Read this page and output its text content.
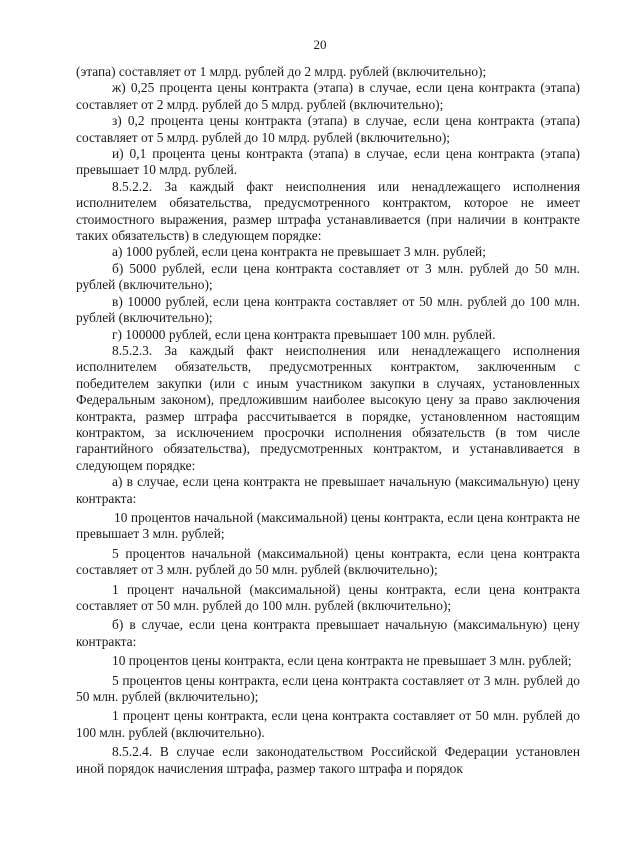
20

(этапа) составляет от 1 млрд. рублей до 2 млрд. рублей (включительно);

ж) 0,25 процента цены контракта (этапа) в случае, если цена контракта (этапа) составляет от 2 млрд. рублей до 5 млрд. рублей (включительно);

з) 0,2 процента цены контракта (этапа) в случае, если цена контракта (этапа) составляет от 5 млрд. рублей до 10 млрд. рублей (включительно);

и) 0,1 процента цены контракта (этапа) в случае, если цена контракта (этапа) превышает 10 млрд. рублей.

8.5.2.2. За каждый факт неисполнения или ненадлежащего исполнения исполнителем обязательства, предусмотренного контрактом, которое не имеет стоимостного выражения, размер штрафа устанавливается (при наличии в контракте таких обязательств) в следующем порядке:

а) 1000 рублей, если цена контракта не превышает 3 млн. рублей;

б) 5000 рублей, если цена контракта составляет от 3 млн. рублей до 50 млн. рублей (включительно);

в) 10000 рублей, если цена контракта составляет от 50 млн. рублей до 100 млн. рублей (включительно);

г) 100000 рублей, если цена контракта превышает 100 млн. рублей.

8.5.2.3. За каждый факт неисполнения или ненадлежащего исполнения исполнителем обязательств, предусмотренных контрактом, заключенным с победителем закупки (или с иным участником закупки в случаях, установленных Федеральным законом), предложившим наиболее высокую цену за право заключения контракта, размер штрафа рассчитывается в порядке, установленном настоящим контрактом, за исключением просрочки исполнения обязательств (в том числе гарантийного обязательства), предусмотренных контрактом, и устанавливается в следующем порядке:

а) в случае, если цена контракта не превышает начальную (максимальную) цену контракта:

10 процентов начальной (максимальной) цены контракта, если цена контракта не превышает 3 млн. рублей;

5 процентов начальной (максимальной) цены контракта, если цена контракта составляет от 3 млн. рублей до 50 млн. рублей (включительно);

1 процент начальной (максимальной) цены контракта, если цена контракта составляет от 50 млн. рублей до 100 млн. рублей (включительно);

б) в случае, если цена контракта превышает начальную (максимальную) цену контракта:

10 процентов цены контракта, если цена контракта не превышает 3 млн. рублей;

5 процентов цены контракта, если цена контракта составляет от 3 млн. рублей до 50 млн. рублей (включительно);

1 процент цены контракта, если цена контракта составляет от 50 млн. рублей до 100 млн. рублей (включительно).

8.5.2.4. В случае если законодательством Российской Федерации установлен иной порядок начисления штрафа, размер такого штрафа и порядок
